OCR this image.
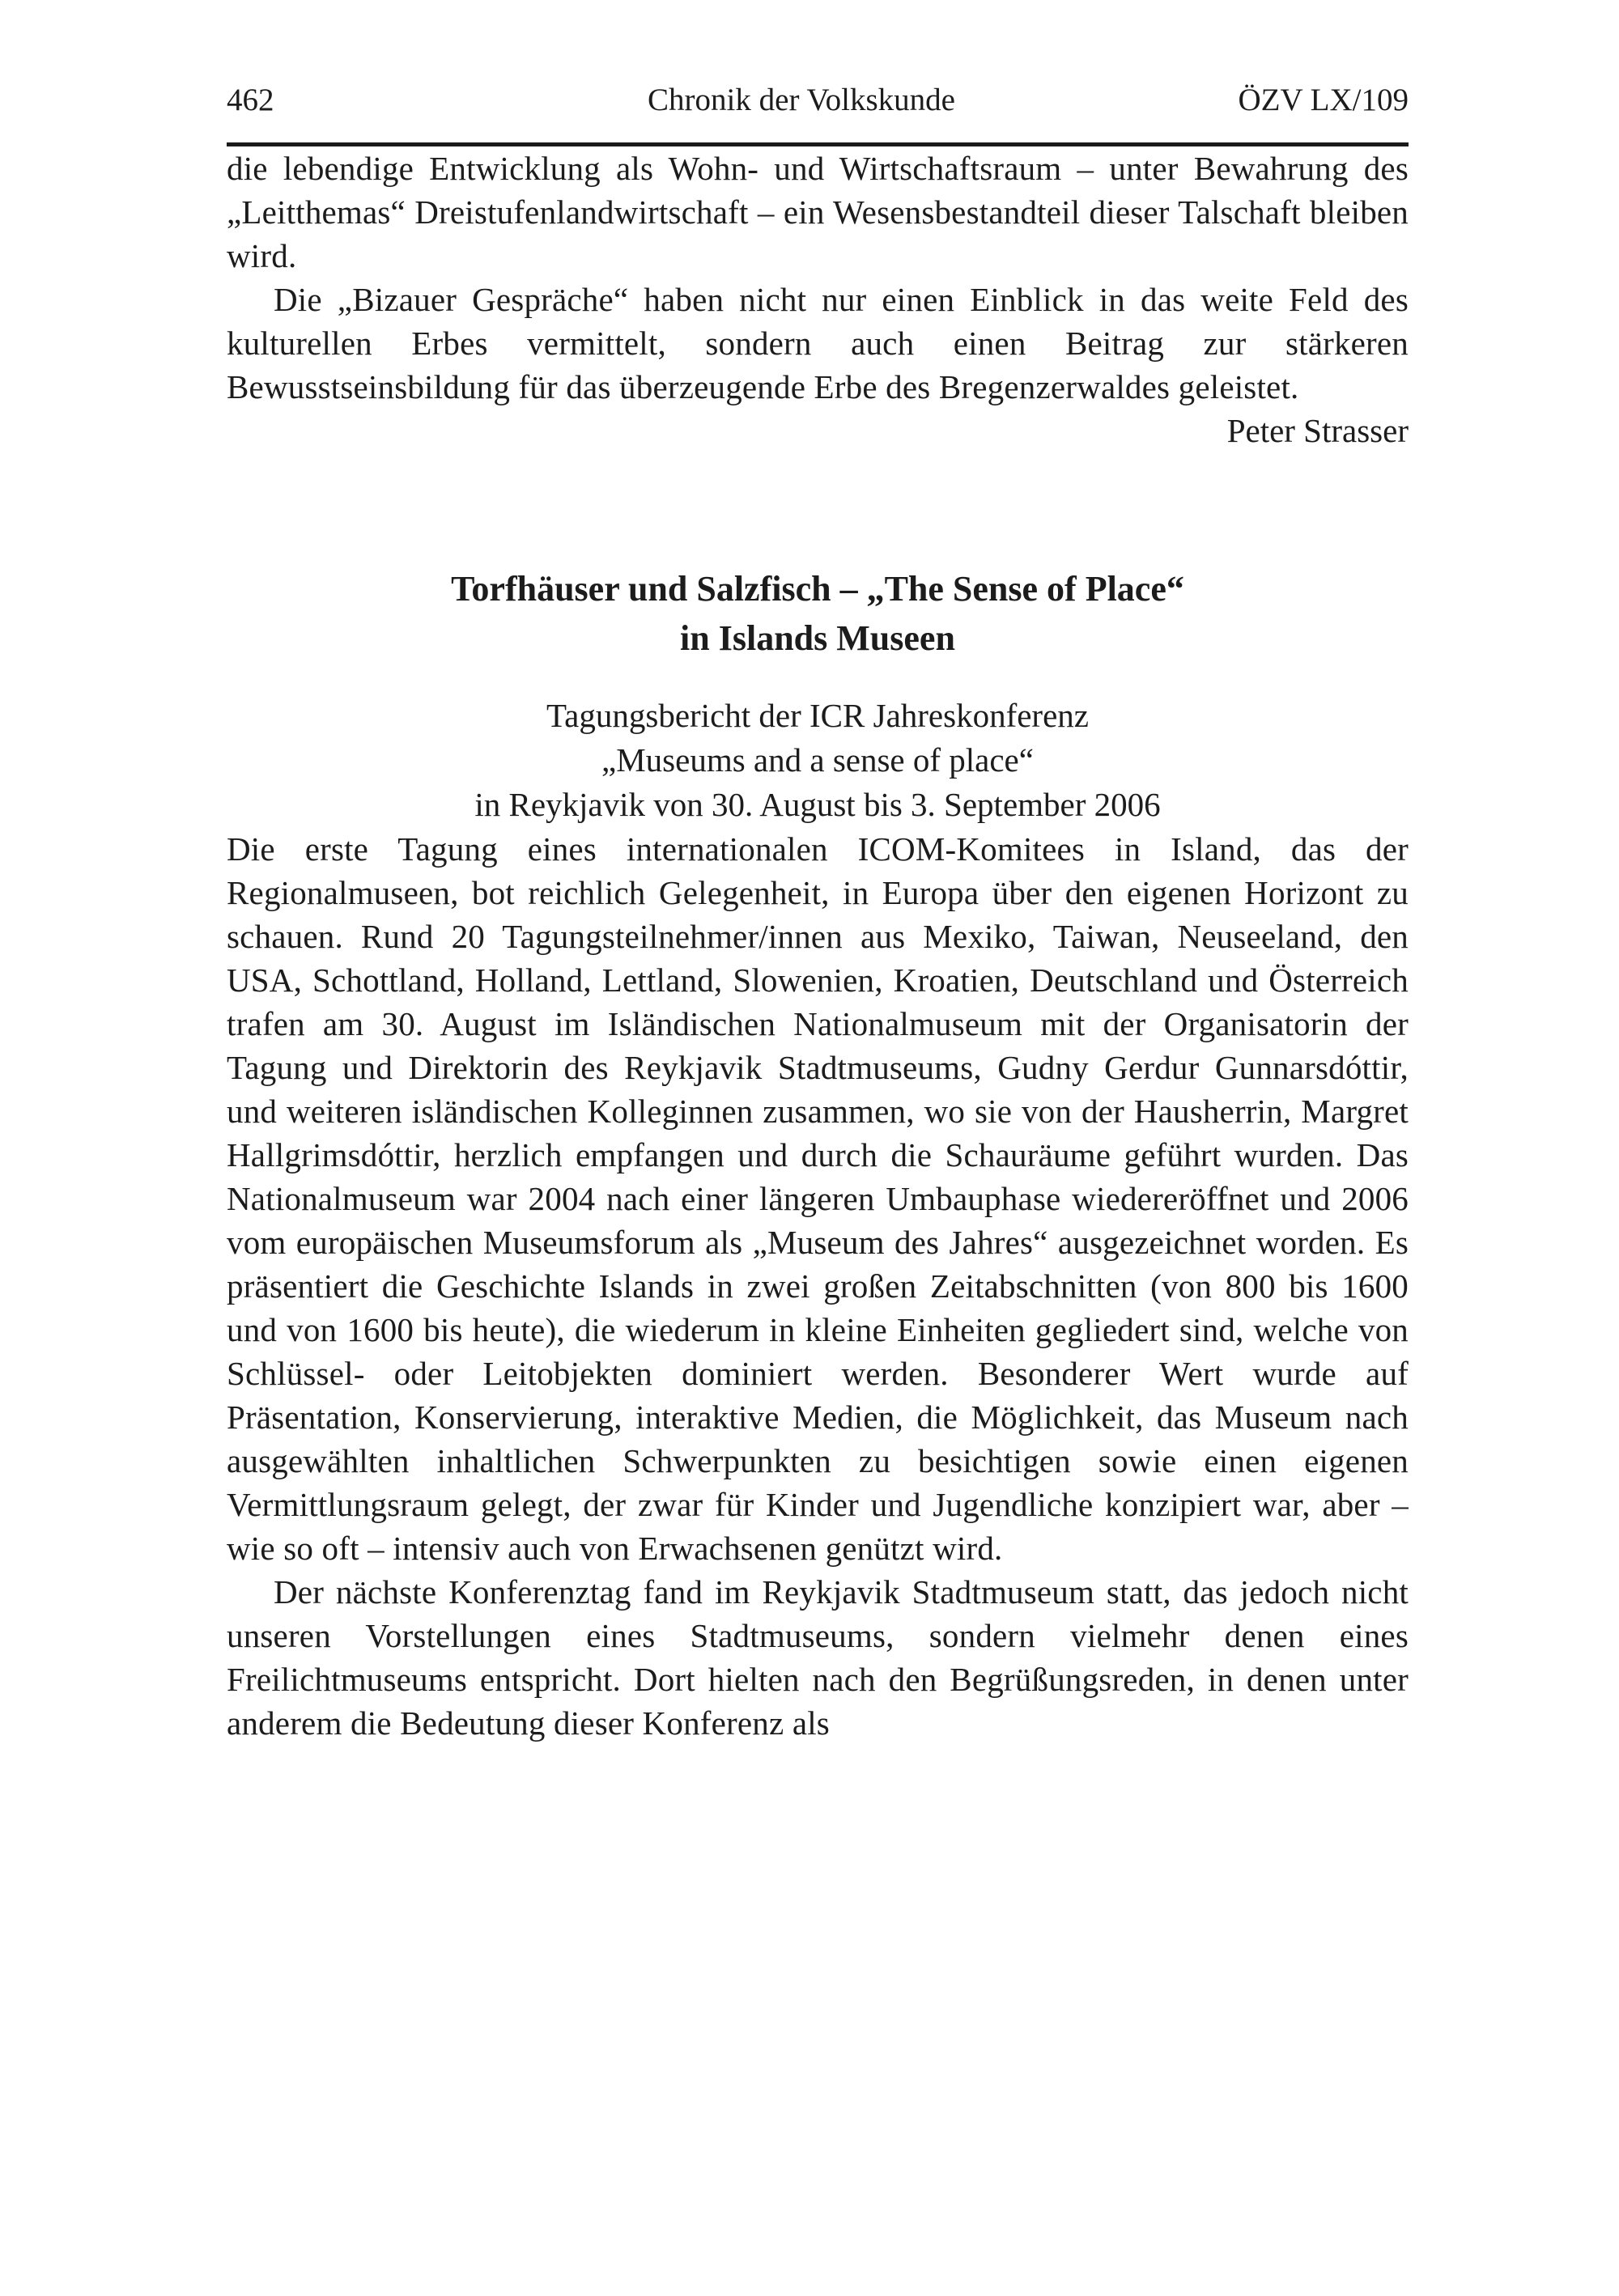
462	Chronik der Volkskunde	ÖZV LX/109

die lebendige Entwicklung als Wohn- und Wirtschaftsraum – unter Bewahrung des „Leitthemas“ Dreistufenlandwirtschaft – ein Wesensbestandteil dieser Talschaft bleiben wird.

Die „Bizauer Gespräche“ haben nicht nur einen Einblick in das weite Feld des kulturellen Erbes vermittelt, sondern auch einen Beitrag zur stärkeren Bewusstseinsbildung für das überzeugende Erbe des Bregenzerwaldes geleistet.

Peter Strasser

Torfhäuser und Salzfisch – „The Sense of Place“
in Islands Museen
Tagungsbericht der ICR Jahreskonferenz
„Museums and a sense of place“
in Reykjavik von 30. August bis 3. September 2006

Die erste Tagung eines internationalen ICOM-Komitees in Island, das der Regionalmuseen, bot reichlich Gelegenheit, in Europa über den eigenen Horizont zu schauen. Rund 20 Tagungsteilnehmer/innen aus Mexiko, Taiwan, Neuseeland, den USA, Schottland, Holland, Lettland, Slowenien, Kroatien, Deutschland und Österreich trafen am 30. August im Isländischen Nationalmuseum mit der Organisatorin der Tagung und Direktorin des Reykjavik Stadtmuseums, Gudny Gerdur Gunnarsdóttir, und weiteren isländischen Kolleginnen zusammen, wo sie von der Hausherrin, Margret Hallgrimsdóttir, herzlich empfangen und durch die Schauräume geführt wurden. Das Nationalmuseum war 2004 nach einer längeren Umbauphase wiedereröffnet und 2006 vom europäischen Museumsforum als „Museum des Jahres“ ausgezeichnet worden. Es präsentiert die Geschichte Islands in zwei großen Zeitabschnitten (von 800 bis 1600 und von 1600 bis heute), die wiederum in kleine Einheiten gegliedert sind, welche von Schlüssel- oder Leitobjekten dominiert werden. Besonderer Wert wurde auf Präsentation, Konservierung, interaktive Medien, die Möglichkeit, das Museum nach ausgewählten inhaltlichen Schwerpunkten zu besichtigen sowie einen eigenen Vermittlungsraum gelegt, der zwar für Kinder und Jugendliche konzipiert war, aber – wie so oft – intensiv auch von Erwachsenen genützt wird.

Der nächste Konferenztag fand im Reykjavik Stadtmuseum statt, das jedoch nicht unseren Vorstellungen eines Stadtmuseums, sondern vielmehr denen eines Freilichtmuseums entspricht. Dort hielten nach den Begrüßungsreden, in denen unter anderem die Bedeutung dieser Konferenz als
